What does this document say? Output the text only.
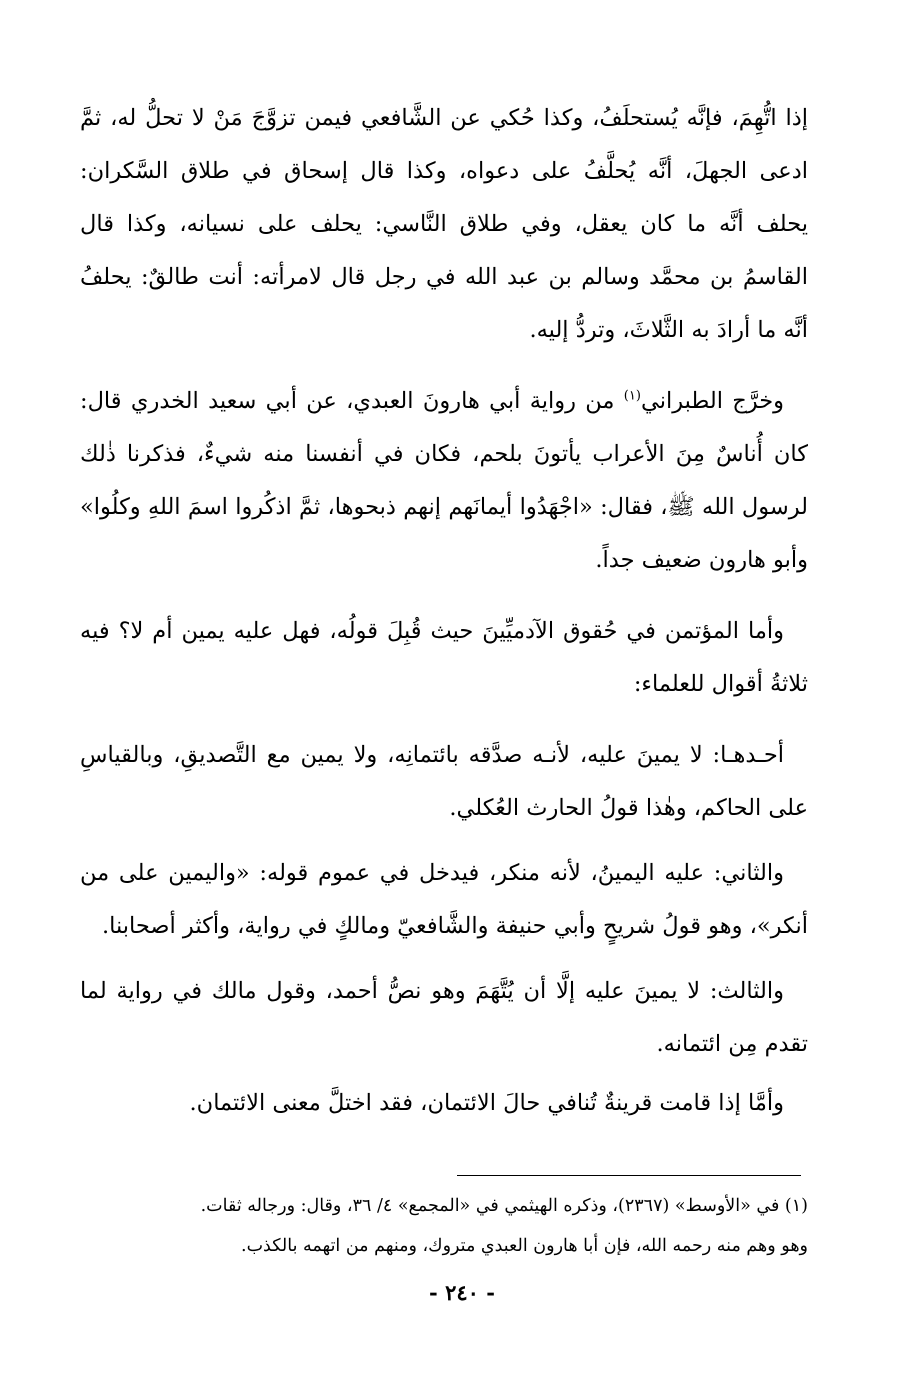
إذا اتُّهِمَ، فإنَّه يُستحلَفُ، وكذا حُكي عن الشَّافعي فيمن تزوَّجَ مَنْ لا تحلُّ له، ثمَّ ادعى الجهلَ، أنَّه يُحلَّفُ على دعواه، وكذا قال إسحاق في طلاق السَّكران: يحلف أنَّه ما كان يعقل، وفي طلاق النَّاسي: يحلف على نسيانه، وكذا قال القاسمُ بن محمَّد وسالم بن عبد الله في رجل قال لامرأته: أنت طالقٌ: يحلفُ أنَّه ما أرادَ به الثَّلاثَ، وتردُّ إليه.

وخرَّج الطبراني$^{(١)}$ من رواية أبي هارونَ العبدي، عن أبي سعيد الخدري قال: كان أُناسٌ مِنَ الأعراب يأتونَ بلحم، فكان في أنفسنا منه شيءٌ، فذكرنا ذٰلك لرسول الله ﷺ، فقال: «اجْهَدُوا أيمانَهم إنهم ذبحوها، ثمَّ اذكُروا اسمَ اللهِ وكلُوا» وأبو هارون ضعيف جداً.

وأما المؤتمن في حُقوق الآدميِّينَ حيث قُبِلَ قولُه، فهل عليه يمين أم لا؟ فيه ثلاثةُ أقوال للعلماء:

أحـدهـا: لا يمينَ عليه، لأنـه صدَّقه بائتمانِه، ولا يمين مع التَّصديقِ، وبالقياسِ على الحاكم، وهٰذا قولُ الحارث العُكلي.

والثاني: عليه اليمينُ، لأنه منكر، فيدخل في عموم قوله: «واليمين على من أنكر»، وهو قولُ شريحٍ وأبي حنيفة والشَّافعيّ ومالكٍ في رواية، وأكثر أصحابنا.

والثالث: لا يمينَ عليه إلَّا أن يُتَّهَمَ وهو نصُّ أحمد، وقول مالك في رواية لما تقدم مِن ائتمانه.

وأمَّا إذا قامت قرينةٌ تُنافي حالَ الائتمان، فقد اختلَّ معنى الائتمان.

(١) في «الأوسط» (٢٣٦٧)، وذكره الهيثمي في «المجمع» ٤/ ٣٦، وقال: ورجاله ثقات.

وهو وهم منه رحمه الله، فإن أبا هارون العبدي متروك، ومنهم من اتهمه بالكذب.

- ٢٤٠ -
